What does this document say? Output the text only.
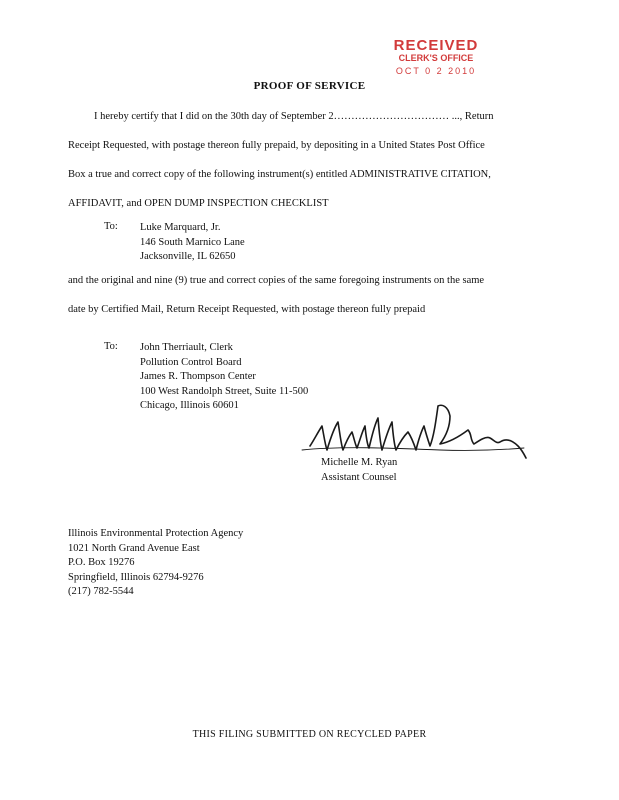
RECEIVED
CLERK'S OFFICE
OCT 0 2 2010
PROOF OF SERVICE
I hereby certify that I did on the 30th day of September 2…………………………… ..., Return
Receipt Requested, with postage thereon fully prepaid, by depositing in a United States Post Office
Box a true and correct copy of the following instrument(s) entitled ADMINISTRATIVE CITATION,
AFFIDAVIT, and OPEN DUMP INSPECTION CHECKLIST
To: Luke Marquard, Jr.
146 South Marnico Lane
Jacksonville, IL 62650
and the original and nine (9) true and correct copies of the same foregoing instruments on the same
date by Certified Mail, Return Receipt Requested, with postage thereon fully prepaid
To: John Therriault, Clerk
Pollution Control Board
James R. Thompson Center
100 West Randolph Street, Suite 11-500
Chicago, Illinois 60601
Michelle M. Ryan
Assistant Counsel
Illinois Environmental Protection Agency
1021 North Grand Avenue East
P.O. Box 19276
Springfield, Illinois 62794-9276
(217) 782-5544
THIS FILING SUBMITTED ON RECYCLED PAPER
